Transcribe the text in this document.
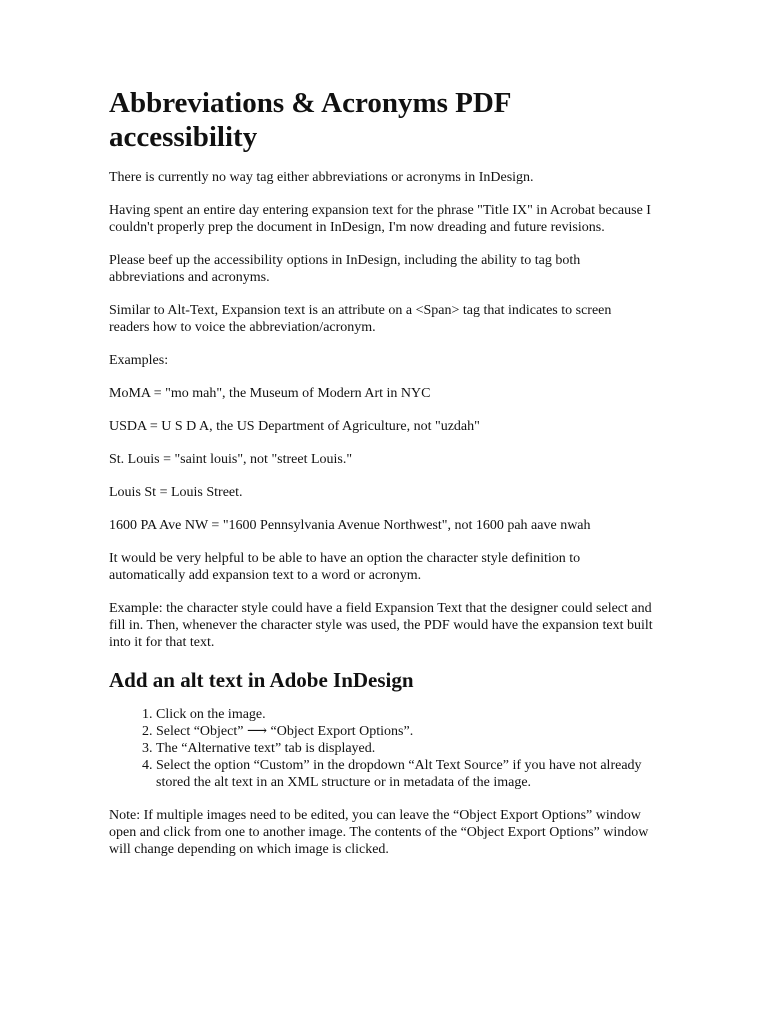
Abbreviations & Acronyms PDF accessibility

There is currently no way tag either abbreviations or acronyms in InDesign.

Having spent an entire day entering expansion text for the phrase "Title IX" in Acrobat because I couldn't properly prep the document in InDesign, I'm now dreading and future revisions.

Please beef up the accessibility options in InDesign, including the ability to tag both abbreviations and acronyms.

Similar to Alt-Text, Expansion text is an attribute on a <Span> tag that indicates to screen readers how to voice the abbreviation/acronym.

Examples:

MoMA = "mo mah", the Museum of Modern Art in NYC

USDA = U S D A, the US Department of Agriculture, not "uzdah"

St. Louis = "saint louis", not "street Louis."

Louis St = Louis Street.

1600 PA Ave NW = "1600 Pennsylvania Avenue Northwest", not 1600 pah aave nwah

It would be very helpful to be able to have an option the character style definition to automatically add expansion text to a word or acronym.

Example: the character style could have a field Expansion Text that the designer could select and fill in. Then, whenever the character style was used, the PDF would have the expansion text built into it for that text.

Add an alt text in Adobe InDesign
1. Click on the image.
2. Select “Object” ⟶ “Object Export Options”.
3. The “Alternative text” tab is displayed.
4. Select the option “Custom” in the dropdown “Alt Text Source” if you have not already stored the alt text in an XML structure or in metadata of the image.

Note: If multiple images need to be edited, you can leave the “Object Export Options” window open and click from one to another image. The contents of the “Object Export Options” window will change depending on which image is clicked.
